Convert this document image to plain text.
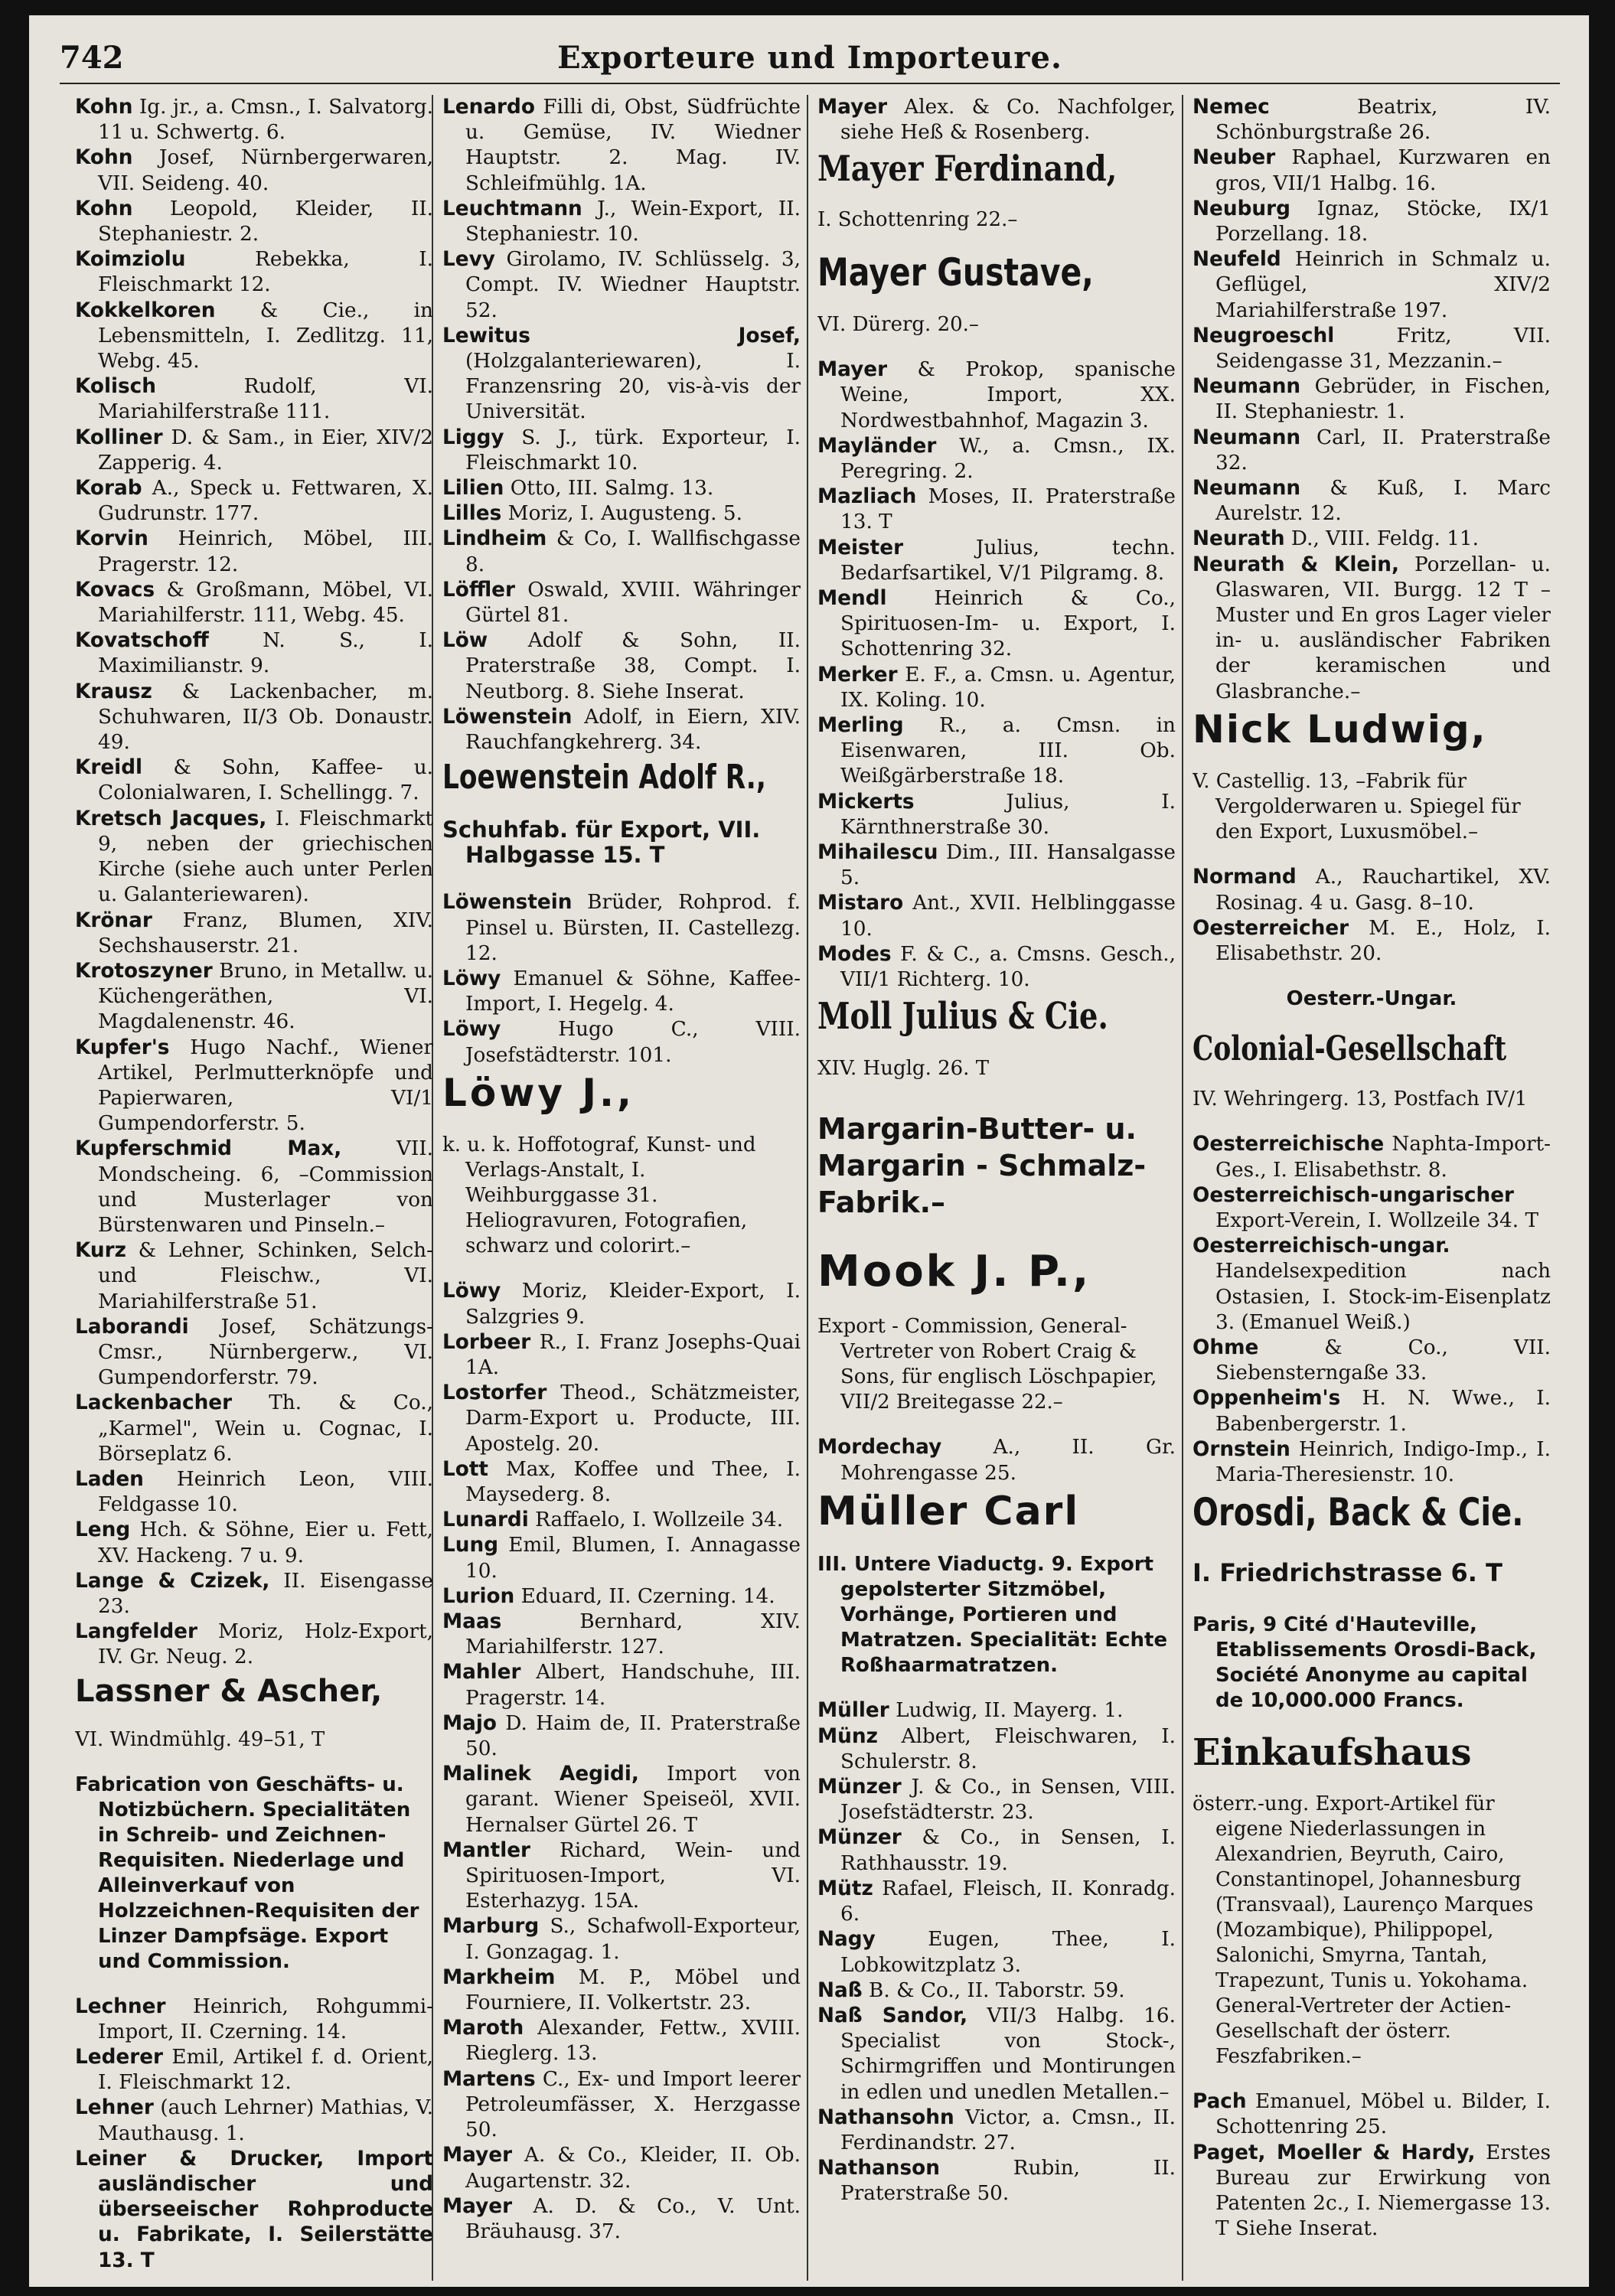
742	Exporteure und Importeure.

Kohn Ig. jr., a. Cmsn., I. Salvatorg. 11 u. Schwertg. 6.

Kohn Josef, Nürnbergerwaren, VII. Seideng. 40.

Kohn Leopold, Kleider, II. Stephaniestr. 2.

Koimziolu Rebekka, I. Fleischmarkt 12.

Kokkelkoren & Cie., in Lebensmitteln, I. Zedlitzg. 11, Webg. 45.

Kolisch Rudolf, VI. Mariahilferstraße 111.

Kolliner D. & Sam., in Eier, XIV/2 Zapperig. 4.

Korab A., Speck u. Fettwaren, X. Gudrunstr. 177.

Korvin Heinrich, Möbel, III. Pragerstr. 12.

Kovacs & Großmann, Möbel, VI. Mariahilferstr. 111, Webg. 45.

Kovatschoff N. S., I. Maximilianstr. 9.

Krausz & Lackenbacher, m. Schuhwaren, II/3 Ob. Donaustr. 49.

Kreidl & Sohn, Kaffee- u. Colonialwaren, I. Schellingg. 7.

Kretsch Jacques, I. Fleischmarkt 9, neben der griechischen Kirche (siehe auch unter Perlen u. Galanteriewaren).

Krönar Franz, Blumen, XIV. Sechshauserstr. 21.

Krotoszyner Bruno, in Metallw. u. Küchengeräthen, VI. Magdalenenstr. 46.

Kupfer's Hugo Nachf., Wiener Artikel, Perlmutterknöpfe und Papierwaren, VI/1 Gumpendorferstr. 5.

Kupferschmid Max, VII. Mondscheing. 6, –Commission und Musterlager von Bürstenwaren und Pinseln.–

Kurz & Lehner, Schinken, Selch- und Fleischw., VI. Mariahilferstraße 51.

Laborandi Josef, Schätzungs-Cmsr., Nürnbergerw., VI. Gumpendorferstr. 79.

Lackenbacher Th. & Co., „Karmel", Wein u. Cognac, I. Börseplatz 6.

Laden Heinrich Leon, VIII. Feldgasse 10.

Leng Hch. & Söhne, Eier u. Fett, XV. Hackeng. 7 u. 9.

Lange & Czizek, II. Eisengasse 23.

Langfelder Moriz, Holz-Export, IV. Gr. Neug. 2.

Lassner & Ascher,

VI. Windmühlg. 49–51, T

Fabrication von Geschäfts- u. Notizbüchern. Specialitäten in Schreib- und Zeichnen-Requisiten. Niederlage und Alleinverkauf von Holzzeichnen-Requisiten der Linzer Dampfsäge. Export und Commission.

Lechner Heinrich, Rohgummi-Import, II. Czerning. 14.

Lederer Emil, Artikel f. d. Orient, I. Fleischmarkt 12.

Lehner (auch Lehrner) Mathias, V. Mauthausg. 1.

Leiner & Drucker, Import ausländischer und überseeischer Rohproducte u. Fabrikate, I. Seilerstätte 13. T

Lenardo Filli di, Obst, Südfrüchte u. Gemüse, IV. Wiedner Hauptstr. 2. Mag. IV. Schleifmühlg. 1A.

Leuchtmann J., Wein-Export, II. Stephaniestr. 10.

Levy Girolamo, IV. Schlüsselg. 3, Compt. IV. Wiedner Hauptstr. 52.

Lewitus Josef, (Holzgalanteriewaren), I. Franzensring 20, vis-à-vis der Universität.

Liggy S. J., türk. Exporteur, I. Fleischmarkt 10.

Lilien Otto, III. Salmg. 13.

Lilles Moriz, I. Augusteng. 5.

Lindheim & Co, I. Wallfischgasse 8.

Löffler Oswald, XVIII. Währinger Gürtel 81.

Löw Adolf & Sohn, II. Praterstraße 38, Compt. I. Neutborg. 8. Siehe Inserat.

Löwenstein Adolf, in Eiern, XIV. Rauchfangkehrerg. 34.

Loewenstein Adolf R.,

Schuhfab. für Export, VII. Halbgasse 15. T

Löwenstein Brüder, Rohprod. f. Pinsel u. Bürsten, II. Castellezg. 12.

Löwy Emanuel & Söhne, Kaffee-Import, I. Hegelg. 4.

Löwy Hugo C., VIII. Josefstädterstr. 101.

Löwy J.,

k. u. k. Hoffotograf, Kunst- und Verlags-Anstalt, I. Weihburggasse 31. Heliogravuren, Fotografien, schwarz und colorirt.–

Löwy Moriz, Kleider-Export, I. Salzgries 9.

Lorbeer R., I. Franz Josephs-Quai 1A.

Lostorfer Theod., Schätzmeister, Darm-Export u. Producte, III. Apostelg. 20.

Lott Max, Koffee und Thee, I. Maysederg. 8.

Lunardi Raffaelo, I. Wollzeile 34.

Lung Emil, Blumen, I. Annagasse 10.

Lurion Eduard, II. Czerning. 14.

Maas Bernhard, XIV. Mariahilferstr. 127.

Mahler Albert, Handschuhe, III. Pragerstr. 14.

Majo D. Haim de, II. Praterstraße 50.

Malinek Aegidi, Import von garant. Wiener Speiseöl, XVII. Hernalser Gürtel 26. T

Mantler Richard, Wein- und Spirituosen-Import, VI. Esterhazyg. 15A.

Marburg S., Schafwoll-Exporteur, I. Gonzagag. 1.

Markheim M. P., Möbel und Fourniere, II. Volkertstr. 23.

Maroth Alexander, Fettw., XVIII. Rieglerg. 13.

Martens C., Ex- und Import leerer Petroleumfässer, X. Herzgasse 50.

Mayer A. & Co., Kleider, II. Ob. Augartenstr. 32.

Mayer A. D. & Co., V. Unt. Bräuhausg. 37.

Mayer Alex. & Co. Nachfolger, siehe Heß & Rosenberg.

Mayer Ferdinand,

I. Schottenring 22.–

Mayer Gustave,

VI. Dürerg. 20.–

Mayer & Prokop, spanische Weine, Import, XX. Nordwestbahnhof, Magazin 3.

Mayländer W., a. Cmsn., IX. Peregring. 2.

Mazliach Moses, II. Praterstraße 13. T

Meister Julius, techn. Bedarfsartikel, V/1 Pilgramg. 8.

Mendl Heinrich & Co., Spirituosen-Im- u. Export, I. Schottenring 32.

Merker E. F., a. Cmsn. u. Agentur, IX. Koling. 10.

Merling R., a. Cmsn. in Eisenwaren, III. Ob. Weißgärberstraße 18.

Mickerts Julius, I. Kärnthnerstraße 30.

Mihailescu Dim., III. Hansalgasse 5.

Mistaro Ant., XVII. Helblinggasse 10.

Modes F. & C., a. Cmsns. Gesch., VII/1 Richterg. 10.

Moll Julius & Cie.

XIV. Huglg. 26. T

Margarin-Butter- u. Margarin - Schmalz-Fabrik.–

Mook J. P.,

Export - Commission, General-Vertreter von Robert Craig & Sons, für englisch Löschpapier, VII/2 Breitegasse 22.–

Mordechay A., II. Gr. Mohrengasse 25.

Müller Carl

III. Untere Viaductg. 9. Export gepolsterter Sitzmöbel, Vorhänge, Portieren und Matratzen. Specialität: Echte Roßhaarmatratzen.

Müller Ludwig, II. Mayerg. 1.

Münz Albert, Fleischwaren, I. Schulerstr. 8.

Münzer J. & Co., in Sensen, VIII. Josefstädterstr. 23.

Münzer & Co., in Sensen, I. Rathhausstr. 19.

Mütz Rafael, Fleisch, II. Konradg. 6.

Nagy Eugen, Thee, I. Lobkowitzplatz 3.

Naß B. & Co., II. Taborstr. 59.

Naß Sandor, VII/3 Halbg. 16. Specialist von Stock-, Schirmgriffen und Montirungen in edlen und unedlen Metallen.–

Nathansohn Victor, a. Cmsn., II. Ferdinandstr. 27.

Nathanson Rubin, II. Praterstraße 50.

Nemec Beatrix, IV. Schönburgstraße 26.

Neuber Raphael, Kurzwaren en gros, VII/1 Halbg. 16.

Neuburg Ignaz, Stöcke, IX/1 Porzellang. 18.

Neufeld Heinrich in Schmalz u. Geflügel, XIV/2 Mariahilferstraße 197.

Neugroeschl Fritz, VII. Seidengasse 31, Mezzanin.–

Neumann Gebrüder, in Fischen, II. Stephaniestr. 1.

Neumann Carl, II. Praterstraße 32.

Neumann & Kuß, I. Marc Aurelstr. 12.

Neurath D., VIII. Feldg. 11.

Neurath & Klein, Porzellan- u. Glaswaren, VII. Burgg. 12 T –Muster und En gros Lager vieler in- u. ausländischer Fabriken der keramischen und Glasbranche.–

Nick Ludwig,

V. Castellig. 13, –Fabrik für Vergolderwaren u. Spiegel für den Export, Luxusmöbel.–

Normand A., Rauchartikel, XV. Rosinag. 4 u. Gasg. 8–10.

Oesterreicher M. E., Holz, I. Elisabethstr. 20.

Oesterr.-Ungar.

Colonial-Gesellschaft

IV. Wehringerg. 13, Postfach IV/1

Oesterreichische Naphta-Import-Ges., I. Elisabethstr. 8.

Oesterreichisch-ungarischer Export-Verein, I. Wollzeile 34. T

Oesterreichisch-ungar. Handelsexpedition nach Ostasien, I. Stock-im-Eisenplatz 3. (Emanuel Weiß.)

Ohme & Co., VII. Siebensterngaße 33.

Oppenheim's H. N. Wwe., I. Babenbergerstr. 1.

Ornstein Heinrich, Indigo-Imp., I. Maria-Theresienstr. 10.

Orosdi, Back & Cie.

I. Friedrichstrasse 6. T

Paris, 9 Cité d'Hauteville, Etablissements Orosdi-Back, Société Anonyme au capital de 10,000.000 Francs.

Einkaufshaus

österr.-ung. Export-Artikel für eigene Niederlassungen in Alexandrien, Beyruth, Cairo, Constantinopel, Johannesburg (Transvaal), Laurenço Marques (Mozambique), Philippopel, Salonichi, Smyrna, Tantah, Trapezunt, Tunis u. Yokohama. General-Vertreter der Actien-Gesellschaft der österr. Feszfabriken.–

Pach Emanuel, Möbel u. Bilder, I. Schottenring 25.

Paget, Moeller & Hardy, Erstes Bureau zur Erwirkung von Patenten 2c., I. Niemergasse 13. T Siehe Inserat.
